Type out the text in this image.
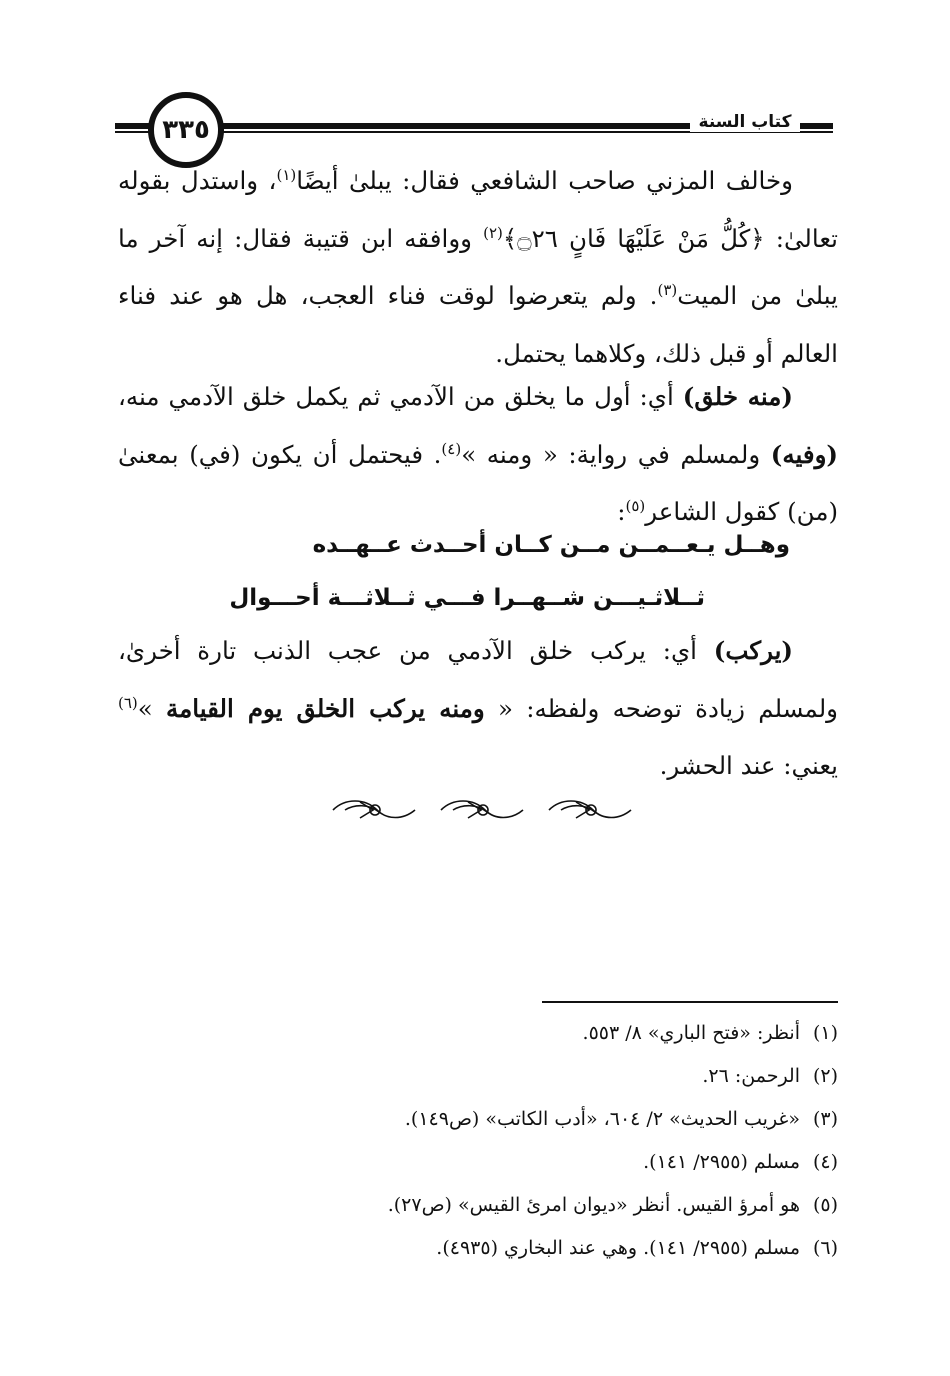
كتاب السنة
٣٣٥

وخالف المزني صاحب الشافعي فقال: يبلىٰ أيضًا$^{(١)}$، واستدل بقوله تعالىٰ: ﴿كُلُّ مَنْ عَلَيْهَا فَانٍ ۝٢٦﴾$^{(٢)}$ ووافقه ابن قتيبة فقال: إنه آخر ما يبلىٰ من الميت$^{(٣)}$. ولم يتعرضوا لوقت فناء العجب، هل هو عند فناء العالم أو قبل ذلك، وكلاهما يحتمل.

(منه خلق) أي: أول ما يخلق من الآدمي ثم يكمل خلق الآدمي منه، (وفيه) ولمسلم في رواية: « ومنه »$^{(٤)}$. فيحتمل أن يكون (في) بمعنىٰ (من) كقول الشاعر$^{(٥)}$:

وهــل يـعــمــن مــن كــان أحــدث عــهــده
ثــلاثـيـــن شــهــرا فـــي ثــلاثـــة أحـــوال

(يركب) أي: يركب خلق الآدمي من عجب الذنب تارة أخرىٰ، ولمسلم زيادة توضحه ولفظه: « ومنه يركب الخلق يوم القيامة »$^{(٦)}$ يعني: عند الحشر.

(١)أنظر: «فتح الباري» ٨/ ٥٥٣.

(٢)الرحمن: ٢٦.

(٣)«غريب الحديث» ٢/ ٦٠٤، «أدب الكاتب» (ص١٤٩).

(٤)مسلم (٢٩٥٥/ ١٤١).

(٥)هو أمرؤ القيس. أنظر «ديوان امرئ القيس» (ص٢٧).

(٦)مسلم (٢٩٥٥/ ١٤١). وهي عند البخاري (٤٩٣٥).
